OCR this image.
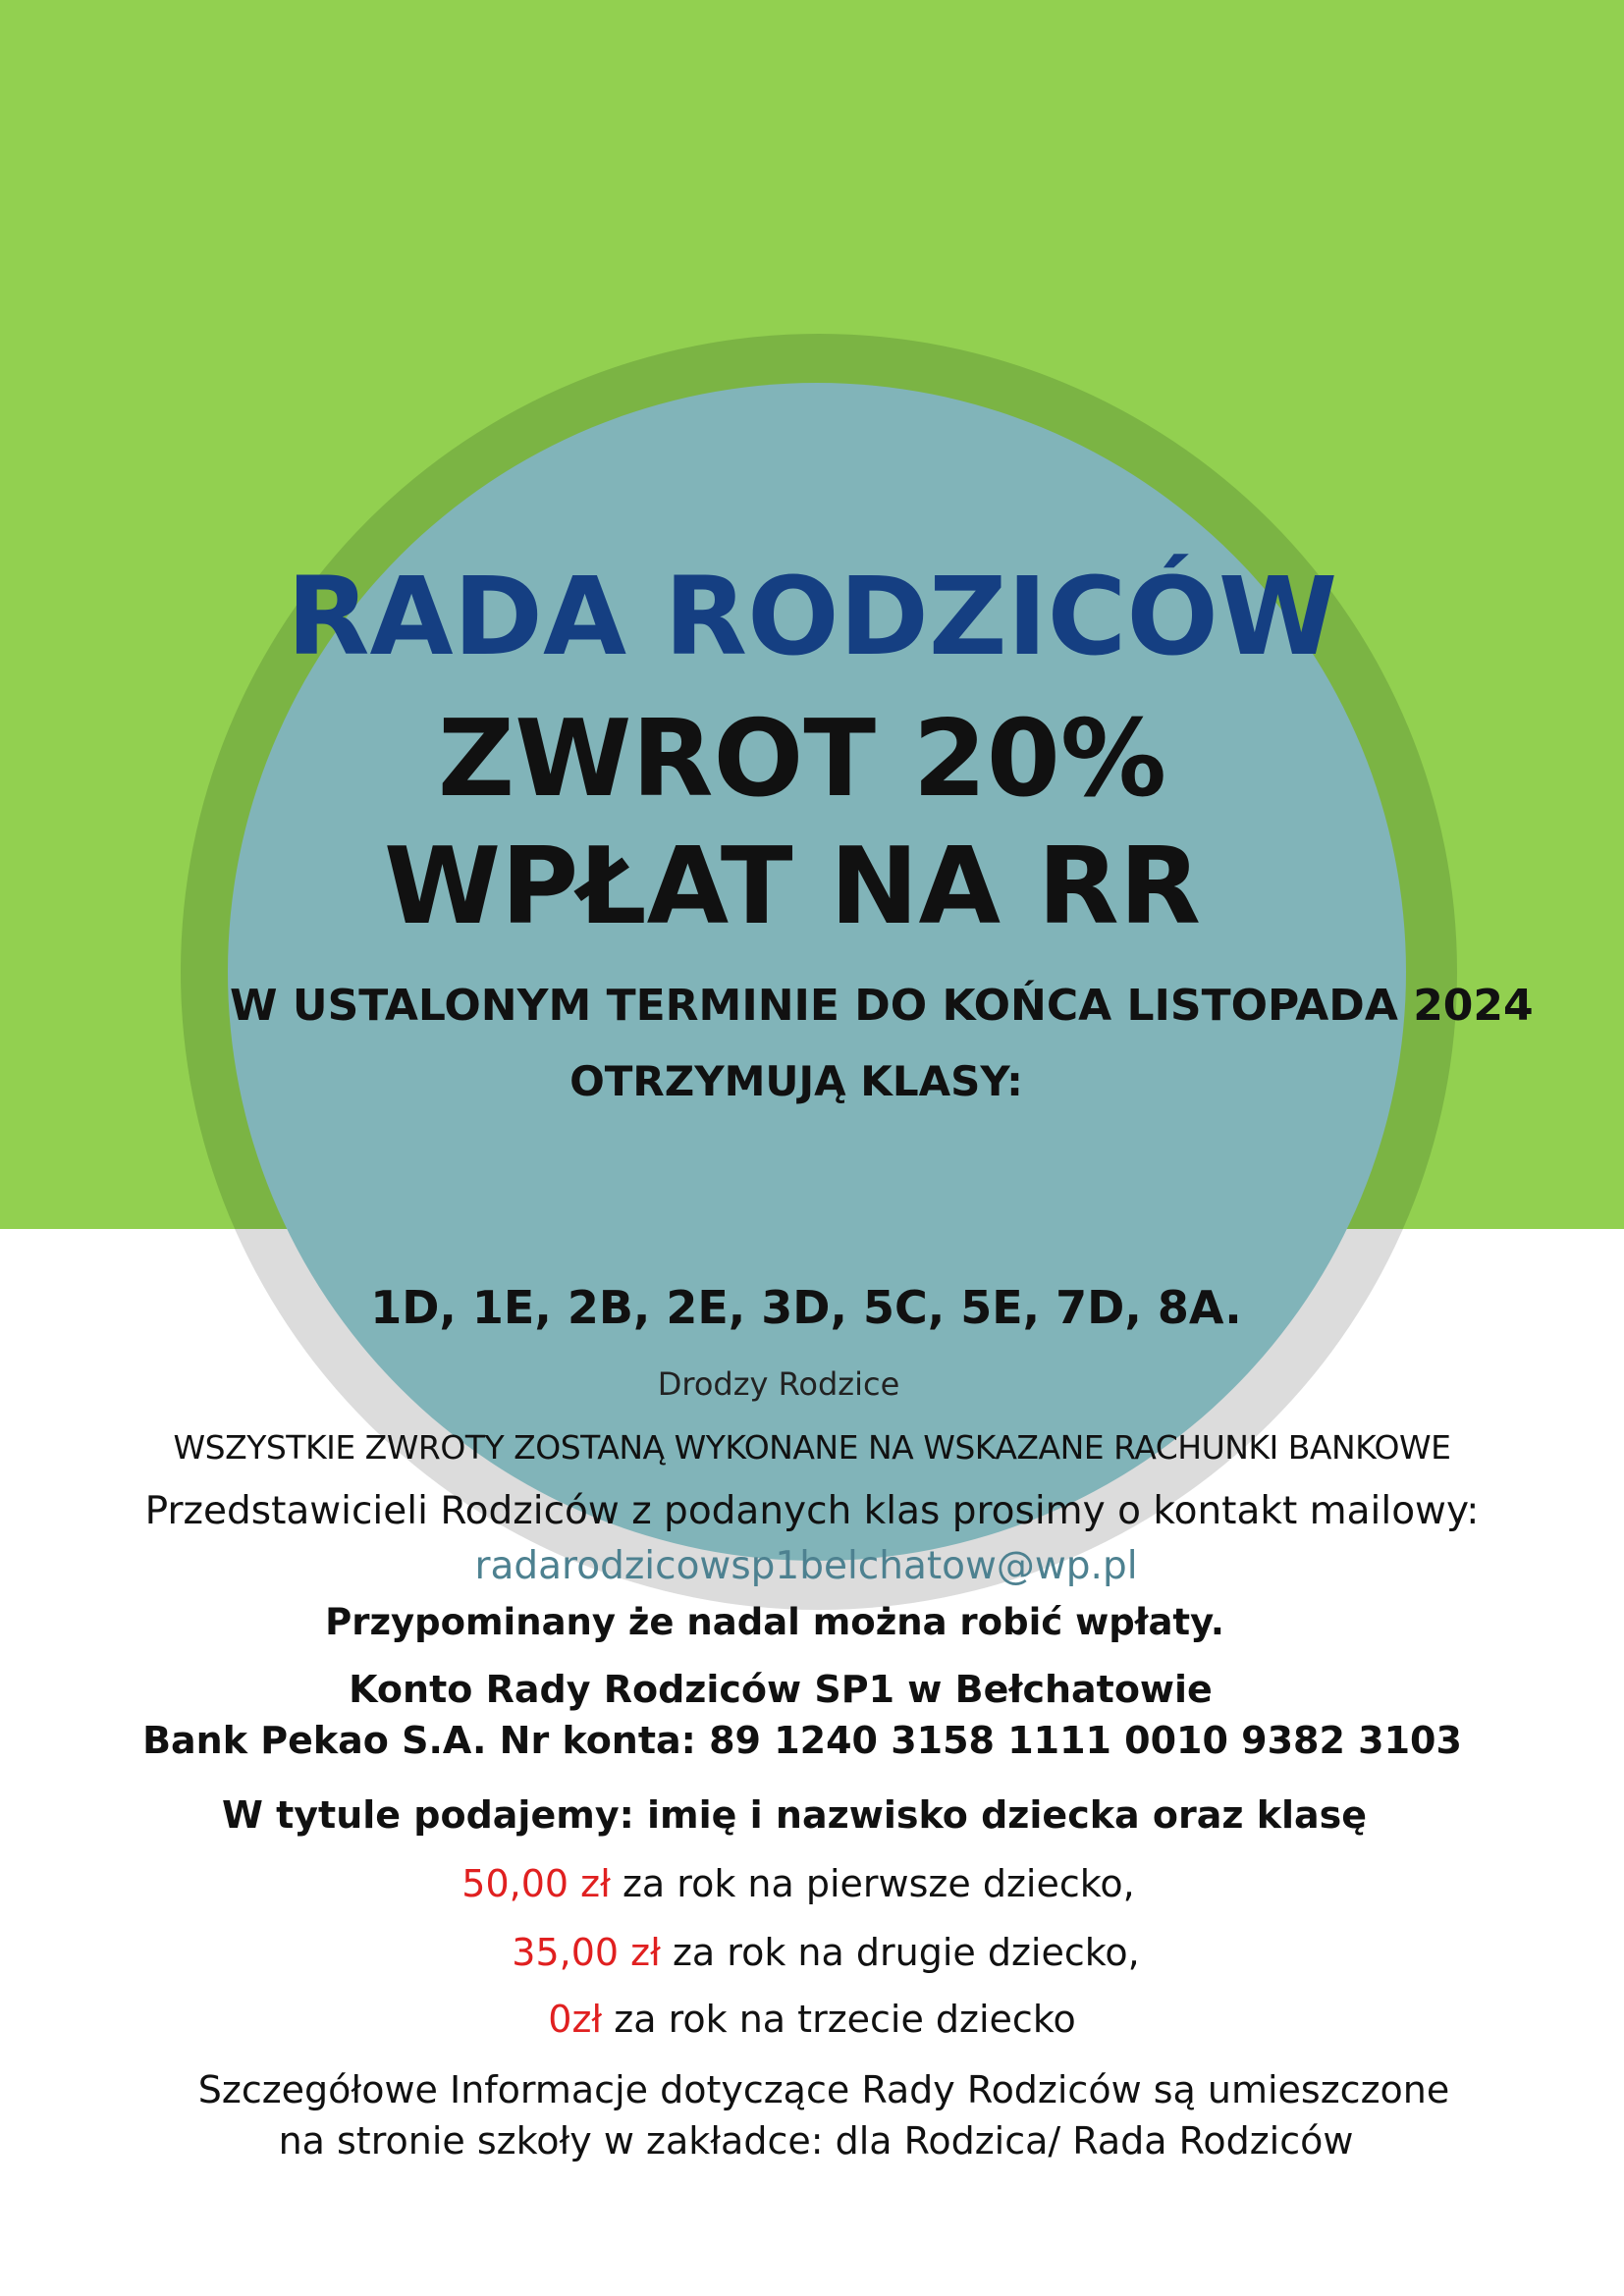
RADA RODZICÓW
ZWROT 20%
WPŁAT NA RR
W USTALONYM TERMINIE DO KOŃCA LISTOPADA 2024
OTRZYMUJĄ KLASY:
1D, 1E, 2B, 2E, 3D, 5C, 5E, 7D, 8A.
Drodzy Rodzice
WSZYSTKIE ZWROTY ZOSTANĄ WYKONANE NA WSKAZANE RACHUNKI BANKOWE
Przedstawicieli Rodziców z podanych klas prosimy o kontakt mailowy:
radarodzicowsp1belchatow@wp.pl
Przypominany że nadal można robić wpłaty.
Konto Rady Rodziców SP1 w Bełchatowie
Bank Pekao S.A. Nr konta: 89 1240 3158 1111 0010 9382 3103
W tytule podajemy: imię i nazwisko dziecka oraz klasę
50,00 zł za rok na pierwsze dziecko,
35,00 zł za rok na drugie dziecko,
0zł za rok na trzecie dziecko
Szczegółowe Informacje dotyczące Rady Rodziców są umieszczone
na stronie szkoły w zakładce: dla Rodzica/ Rada Rodziców
